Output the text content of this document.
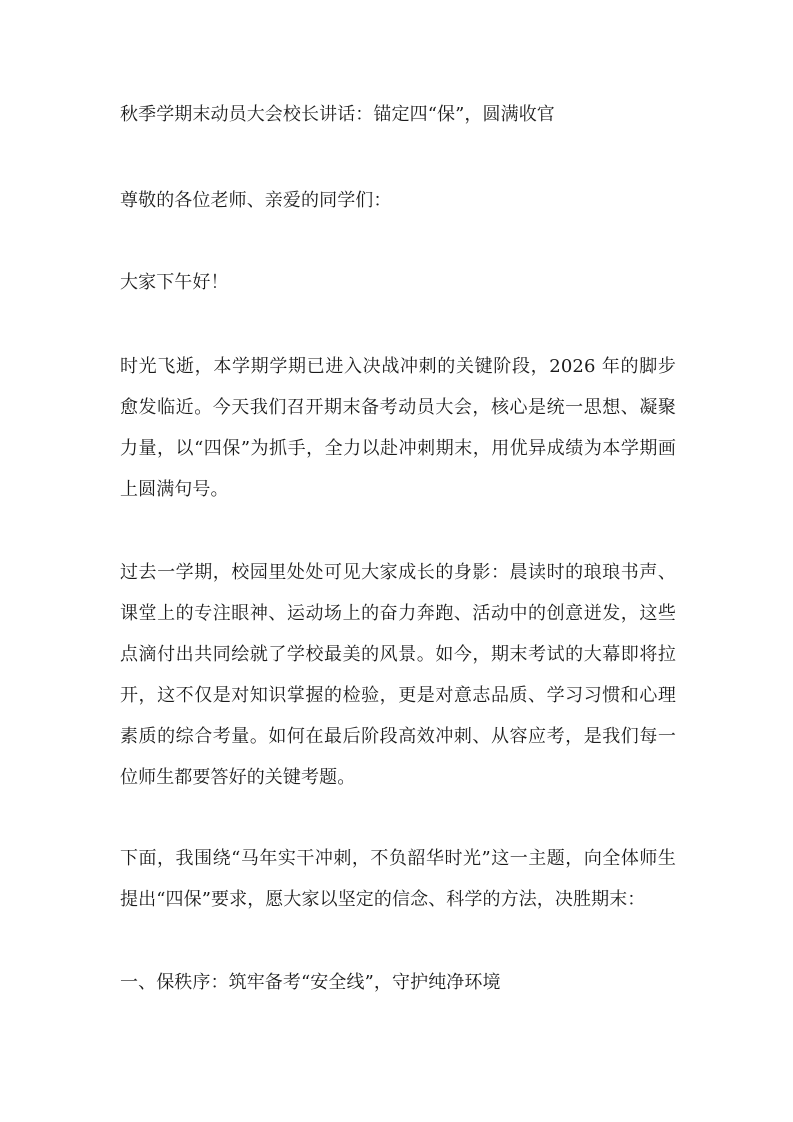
秋季学期末动员大会校长讲话：锚定四“保”，圆满收官

尊敬的各位老师、亲爱的同学们：

大家下午好！

时光飞逝，本学期学期已进入决战冲刺的关键阶段，2026 年的脚步愈发临近。今天我们召开期末备考动员大会，核心是统一思想、凝聚力量，以“四保”为抓手，全力以赴冲刺期末，用优异成绩为本学期画上圆满句号。

过去一学期，校园里处处可见大家成长的身影：晨读时的琅琅书声、课堂上的专注眼神、运动场上的奋力奔跑、活动中的创意迸发，这些点滴付出共同绘就了学校最美的风景。如今，期末考试的大幕即将拉开，这不仅是对知识掌握的检验，更是对意志品质、学习习惯和心理素质的综合考量。如何在最后阶段高效冲刺、从容应考，是我们每一位师生都要答好的关键考题。

下面，我围绕“马年实干冲刺，不负韶华时光”这一主题，向全体师生提出“四保”要求，愿大家以坚定的信念、科学的方法，决胜期末：

一、保秩序：筑牢备考“安全线”，守护纯净环境
